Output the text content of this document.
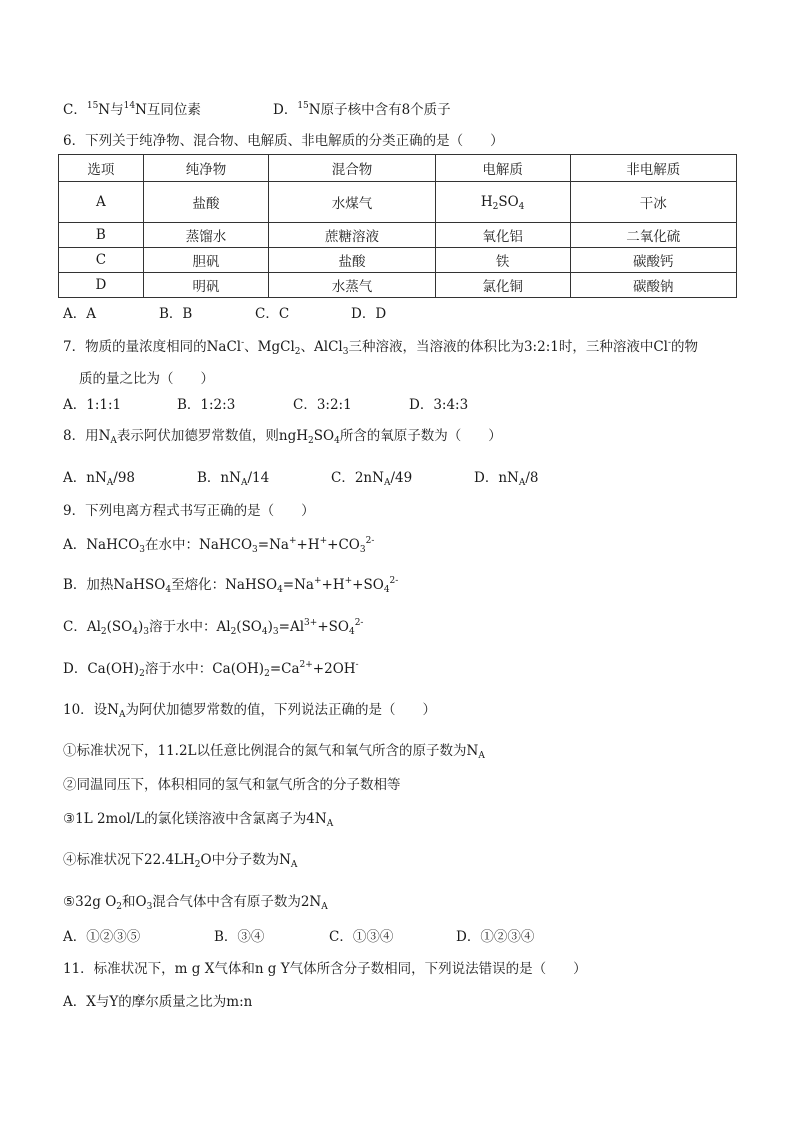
C．$^{15}$N与$^{14}$N互同位素	D．$^{15}$N原子核中含有8个质子
6．下列关于纯净物、混合物、电解质、非电解质的分类正确的是（　　）
选项	纯净物	混合物	电解质	非电解质
A	盐酸	水煤气	$H_2SO_4$	干冰
B	蒸馏水	蔗糖溶液	氧化铝	二氧化硫
C	胆矾	盐酸	铁	碳酸钙
D	明矾	水蒸气	氯化铜	碳酸钠
A．A	B．B	C．C	D．D
7．物质的量浓度相同的NaCl-、MgCl$_2$、AlCl$_3$三种溶液，当溶液的体积比为3:2:1时，三种溶液中Cl-的物
质的量之比为（　　）
A．1:1:1	B．1:2:3	C．3:2:1	D．3:4:3
8．用$N_A$表示阿伏加德罗常数值，则$ngH_2SO_4$所含的氧原子数为（　　）
A．$nN_A/98$	B．$nN_A/14$	C．$2nN_A/49$	D．$nN_A/8$
9．下列电离方程式书写正确的是（　　）
A．NaHCO$_3$在水中：$NaHCO_3=Na^++H^++CO_3^{2-}$
B．加热NaHSO$_4$至熔化：$NaHSO_4=Na^++H^++SO_4^{2-}$
C．$Al_2(SO_4)_3$溶于水中：$Al_2(SO_4)_3=Al^{3+}+SO_4^{2-}$
D．$Ca(OH)_2$溶于水中：$Ca(OH)_2=Ca^{2+}+2OH^-$
10．设$N_A$为阿伏加德罗常数的值，下列说法正确的是（　　）
①标准状况下，11.2L以任意比例混合的氮气和氧气所含的原子数为$N_A$
②同温同压下，体积相同的氢气和氩气所含的分子数相等
③1L 2mol/L的氯化镁溶液中含氯离子为$4N_A$
④标准状况下$22.4LH_2O$中分子数为$N_A$
⑤32g $O_2$和$O_3$混合气体中含有原子数为$2N_A$
A．①②③⑤	B．③④	C．①③④	D．①②③④
11．标准状况下，m g X气体和n g Y气体所含分子数相同，下列说法错误的是（　　）
A．X与Y的摩尔质量之比为m:n
